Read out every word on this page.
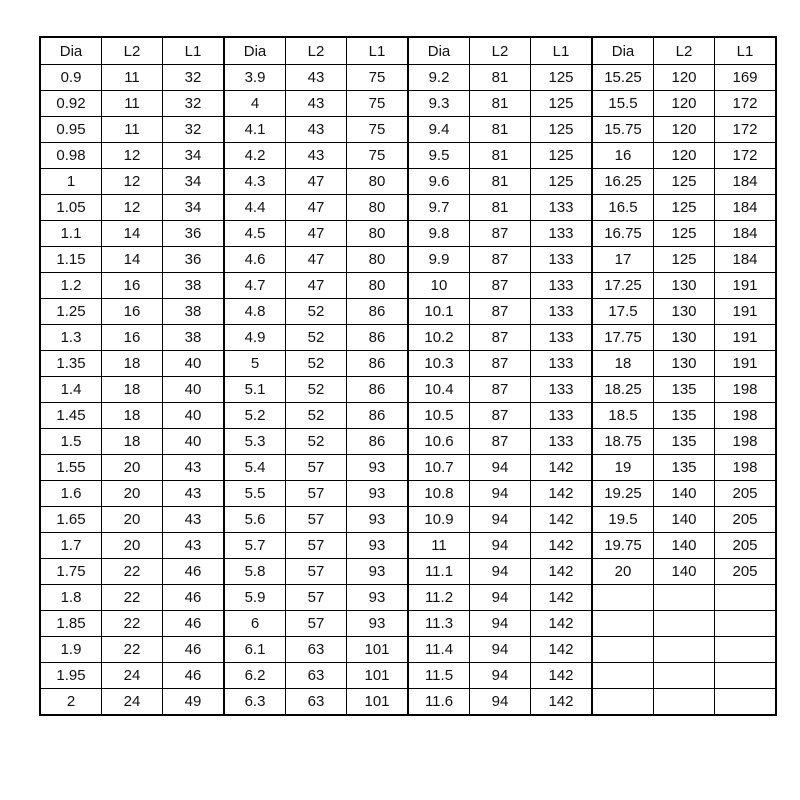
Dia	L2	L1	Dia	L2	L1	Dia	L2	L1	Dia	L2	L1
0.9	11	32	3.9	43	75	9.2	81	125	15.25	120	169
0.92	11	32	4	43	75	9.3	81	125	15.5	120	172
0.95	11	32	4.1	43	75	9.4	81	125	15.75	120	172
0.98	12	34	4.2	43	75	9.5	81	125	16	120	172
1	12	34	4.3	47	80	9.6	81	125	16.25	125	184
1.05	12	34	4.4	47	80	9.7	81	133	16.5	125	184
1.1	14	36	4.5	47	80	9.8	87	133	16.75	125	184
1.15	14	36	4.6	47	80	9.9	87	133	17	125	184
1.2	16	38	4.7	47	80	10	87	133	17.25	130	191
1.25	16	38	4.8	52	86	10.1	87	133	17.5	130	191
1.3	16	38	4.9	52	86	10.2	87	133	17.75	130	191
1.35	18	40	5	52	86	10.3	87	133	18	130	191
1.4	18	40	5.1	52	86	10.4	87	133	18.25	135	198
1.45	18	40	5.2	52	86	10.5	87	133	18.5	135	198
1.5	18	40	5.3	52	86	10.6	87	133	18.75	135	198
1.55	20	43	5.4	57	93	10.7	94	142	19	135	198
1.6	20	43	5.5	57	93	10.8	94	142	19.25	140	205
1.65	20	43	5.6	57	93	10.9	94	142	19.5	140	205
1.7	20	43	5.7	57	93	11	94	142	19.75	140	205
1.75	22	46	5.8	57	93	11.1	94	142	20	140	205
1.8	22	46	5.9	57	93	11.2	94	142			
1.85	22	46	6	57	93	11.3	94	142			
1.9	22	46	6.1	63	101	11.4	94	142			
1.95	24	46	6.2	63	101	11.5	94	142			
2	24	49	6.3	63	101	11.6	94	142			
